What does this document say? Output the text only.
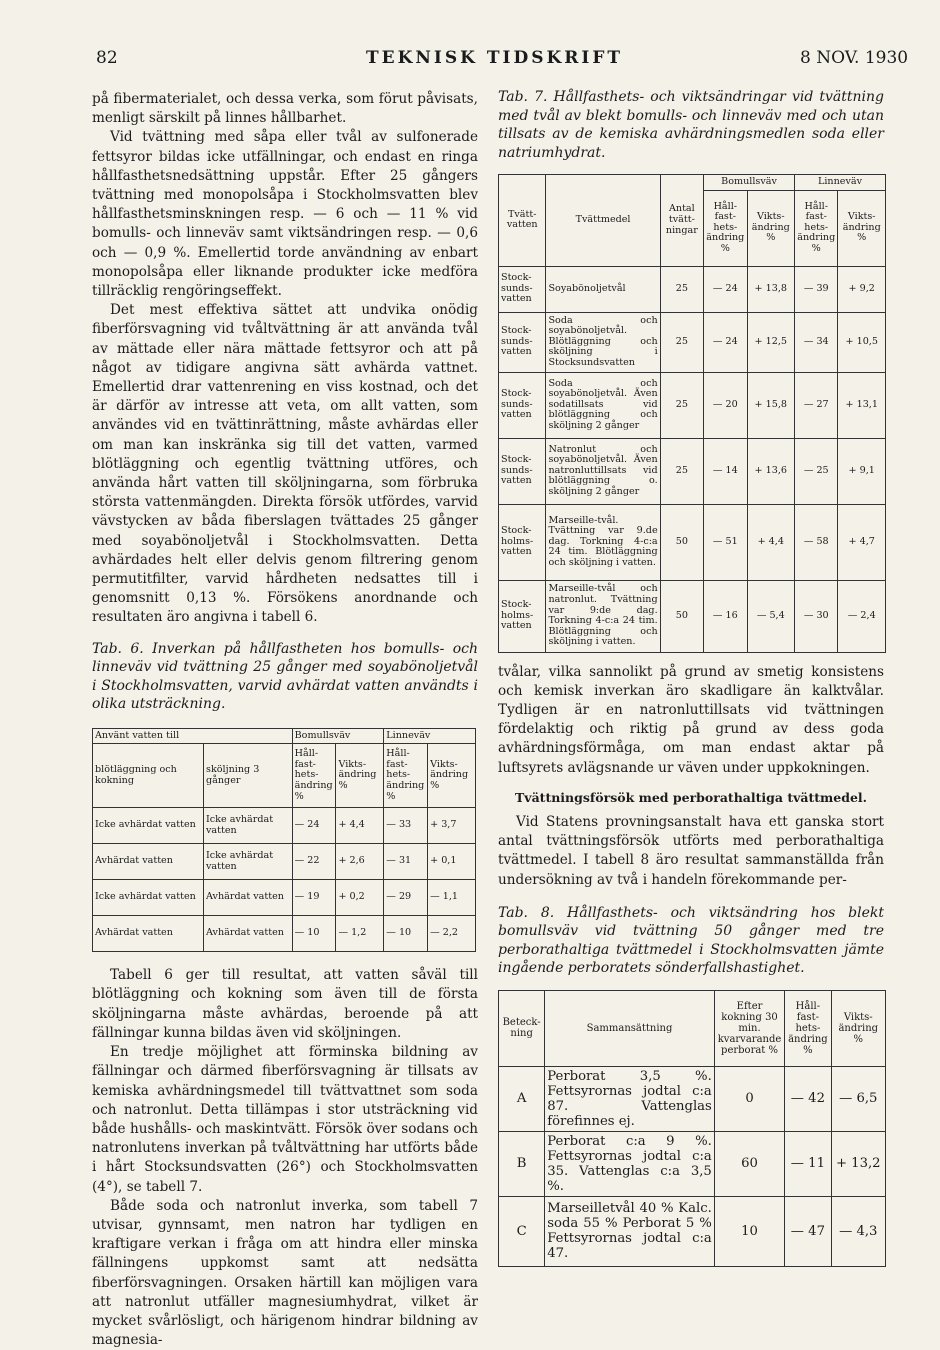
82	TEKNISK TIDSKRIFT	8 NOV. 1930

på fibermaterialet, och dessa verka, som förut påvisats, menligt särskilt på linnes hållbarhet.

Vid tvättning med såpa eller tvål av sulfonerade fettsyror bildas icke utfällningar, och endast en ringa hållfasthetsnedsättning uppstår. Efter 25 gångers tvättning med monopolsåpa i Stockholmsvatten blev hållfasthetsminskningen resp. — 6 och — 11 % vid bomulls- och linneväv samt viktsändringen resp. — 0,6 och — 0,9 %. Emellertid torde användning av enbart monopolsåpa eller liknande produkter icke medföra tillräcklig rengöringseffekt.

Det mest effektiva sättet att undvika onödig fiberförsvagning vid tvåltvättning är att använda tvål av mättade eller nära mättade fettsyror och att på något av tidigare angivna sätt avhärda vattnet. Emellertid drar vattenrening en viss kostnad, och det är därför av intresse att veta, om allt vatten, som användes vid en tvättinrättning, måste avhärdas eller om man kan inskränka sig till det vatten, varmed blötläggning och egentlig tvättning utföres, och använda hårt vatten till sköljningarna, som förbruka största vattenmängden. Direkta försök utfördes, varvid vävstycken av båda fiberslagen tvättades 25 gånger med soyabönoljetvål i Stockholmsvatten. Detta avhärdades helt eller delvis genom filtrering genom permutitfilter, varvid hårdheten nedsattes till i genomsnitt 0,13 %. Försökens anordnande och resultaten äro angivna i tabell 6.

Tab. 6. Inverkan på hållfastheten hos bomulls- och linneväv vid tvättning 25 gånger med soyabönoljetvål i Stockholmsvatten, varvid avhärdat vatten användts i olika utsträckning.

Använt vatten till		Bomullsväv		Linneväv	
blötläggning och kokning	sköljning 3 gånger	Håll-fast-hets-ändring %	Vikts-ändring %	Håll-fast-hets-ändring %	Vikts-ändring %
Icke avhärdat vatten	Icke avhärdat vatten	— 24	+ 4,4	— 33	+ 3,7
Avhärdat vatten	Icke avhärdat vatten	— 22	+ 2,6	— 31	+ 0,1
Icke avhärdat vatten	Avhärdat vatten	— 19	+ 0,2	— 29	— 1,1
Avhärdat vatten	Avhärdat vatten	— 10	— 1,2	— 10	— 2,2

Tabell 6 ger till resultat, att vatten såväl till blötläggning och kokning som även till de första sköljningarna måste avhärdas, beroende på att fällningar kunna bildas även vid sköljningen.

En tredje möjlighet att förminska bildning av fällningar och därmed fiberförsvagning är tillsats av kemiska avhärdningsmedel till tvättvattnet som soda och natronlut. Detta tillämpas i stor utsträckning vid både hushålls- och maskintvätt. Försök över sodans och natronlutens inverkan på tvåltvättning har utförts både i hårt Stocksundsvatten (26°) och Stockholmsvatten (4°), se tabell 7.

Både soda och natronlut inverka, som tabell 7 utvisar, gynnsamt, men natron har tydligen en kraftigare verkan i fråga om att hindra eller minska fällningens uppkomst samt att nedsätta fiberförsvagningen. Orsaken härtill kan möjligen vara att natronlut utfäller magnesiumhydrat, vilket är mycket svårlösligt, och härigenom hindrar bildning av magnesia-

Tab. 7. Hållfasthets- och viktsändringar vid tvättning med tvål av blekt bomulls- och linneväv med och utan tillsats av de kemiska avhärdningsmedlen soda eller natriumhydrat.

Tvätt-vatten	Tvättmedel	Antal tvätt-ningar	Bomullsväv		Linneväv	
			Håll-fast-hets-ändring %	Vikts-ändring %	Håll-fast-hets-ändring %	Vikts-ändring %
Stock-sunds-vatten	Soyabönoljetvål	25	— 24	+ 13,8	— 39	+ 9,2
Stock-sunds-vatten	Soda och soyabönoljetvål. Blötläggning och sköljning i Stocksundsvatten	25	— 24	+ 12,5	— 34	+ 10,5
Stock-sunds-vatten	Soda och soyabönoljetvål. Även sodatillsats vid blötläggning och sköljning 2 gånger	25	— 20	+ 15,8	— 27	+ 13,1
Stock-sunds-vatten	Natronlut och soyabönoljetvål. Även natronluttillsats vid blötläggning o. sköljning 2 gånger	25	— 14	+ 13,6	— 25	+ 9,1
Stock-holms-vatten	Marseille-tvål. Tvättning var 9.de dag. Torkning 4-c:a 24 tim. Blötläggning och sköljning i vatten.	50	— 51	+ 4,4	— 58	+ 4,7
Stock-holms-vatten	Marseille-tvål och natronlut. Tvättning var 9:de dag. Torkning 4-c:a 24 tim. Blötläggning och sköljning i vatten.	50	— 16	— 5,4	— 30	— 2,4

tvålar, vilka sannolikt på grund av smetig konsistens och kemisk inverkan äro skadligare än kalktvålar. Tydligen är en natronluttillsats vid tvättningen fördelaktig och riktig på grund av dess goda avhärdningsförmåga, om man endast aktar på luftsyrets avlägsnande ur väven under uppkokningen.

Tvättningsförsök med perborathaltiga tvättmedel.

Vid Statens provningsanstalt hava ett ganska stort antal tvättningsförsök utförts med perborathaltiga tvättmedel. I tabell 8 äro resultat sammanställda från undersökning av två i handeln förekommande per-

Tab. 8. Hållfasthets- och viktsändring hos blekt bomullsväv vid tvättning 50 gånger med tre perborathaltiga tvättmedel i Stockholmsvatten jämte ingående perboratets sönderfallshastighet.

Beteck-ning	Sammansättning	Efter kokning 30 min. kvarvarande perborat %	Håll-fast-hets-ändring %	Vikts-ändring %
A	Perborat 3,5 %. Fettsyrornas jodtal c:a 87. Vattenglas förefinnes ej.	0	— 42	— 6,5
B	Perborat c:a 9 %. Fettsyrornas jodtal c:a 35. Vattenglas c:a 3,5 %.	60	— 11	+ 13,2
C	Marseilletvål 40 % Kalc. soda 55 % Perborat 5 % Fettsyrornas jodtal c:a 47.	10	— 47	— 4,3
